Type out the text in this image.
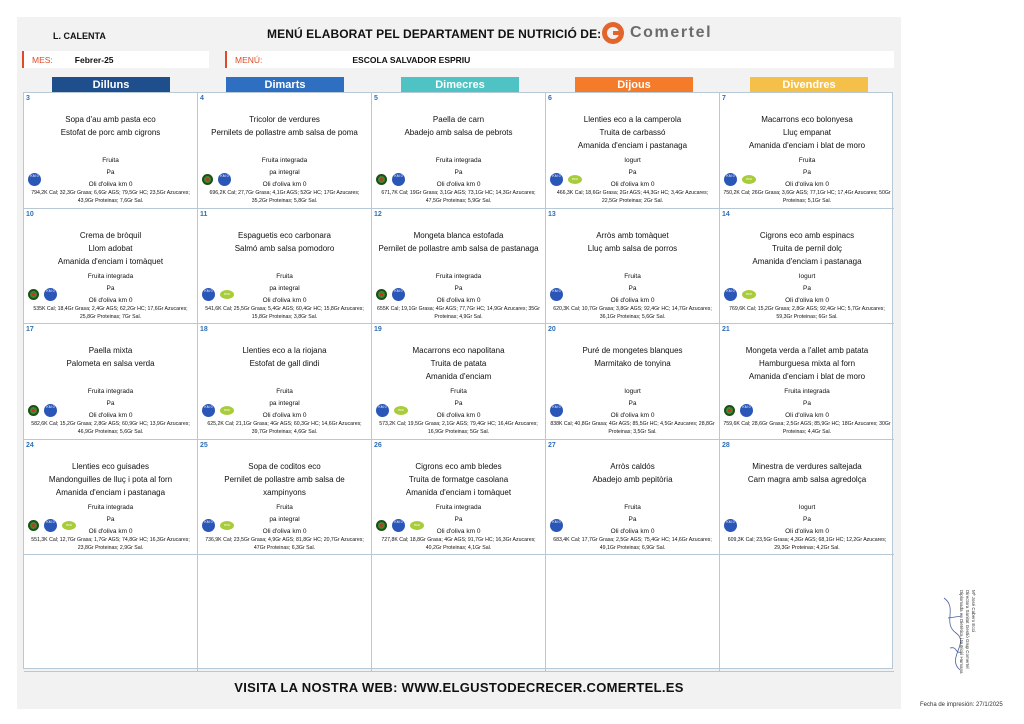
L. CALENTA	MENÚ ELABORAT PEL DEPARTAMENT DE NUTRICIÓ DE: Comertel
MES:	Febrer-25	MENÚ:	ESCOLA SALVADOR ESPRIU
Dilluns	Dimarts	Dimecres	Dijous	Divendres
3
Sopa d'au amb pasta eco
Estofat de porc amb cigrons
Fruita
Pa
Oli d'oliva km 0
KM 0
794,2K Cal; 32,3Gr Grasa; 6,6Gr AGS; 79,5Gr HC; 23,5Gr Azucares; 43,9Gr Proteinas; 7,6Gr Sal.
4
Tricolor de verdures
Pernilets de pollastre amb salsa de poma
Fruita integrada
pa integral
Oli d'oliva km 0
KM 0
696,2K Cal; 27,7Gr Grasa; 4,1Gr AGS; 52Gr HC; 17Gr Azucares; 35,2Gr Proteinas; 5,8Gr Sal.
5
Paella de carn
Abadejo amb salsa de pebrots
Fruita integrada
Pa
Oli d'oliva km 0
KM 0
671,7K Cal; 19Gr Grasa; 3,1Gr AGS; 73,1Gr HC; 14,3Gr Azucares; 47,5Gr Proteinas; 5,9Gr Sal.
6
Llenties eco a la camperola
Truita de carbassó
Amanida d'enciam i pastanaga
Iogurt
Pa
Oli d'oliva km 0
KM 0
eco
466,3K Cal; 18,6Gr Grasa; 2Gr AGS; 44,3Gr HC; 3,4Gr Azucares; 22,5Gr Proteinas; 2Gr Sal.
7
Macarrons eco bolonyesa
Lluç empanat
Amanida d'enciam i blat de moro
Fruita
Pa
Oli d'oliva km 0
KM 0
eco
750,2K Cal; 26Gr Grasa; 3,6Gr AGS; 77,1Gr HC; 17,4Gr Azucares; 50Gr Proteinas; 5,1Gr Sal.
10
Crema de bròquil
Llom adobat
Amanida d'enciam i tomàquet
Fruita integrada
Pa
Oli d'oliva km 0
KM 0
535K Cal; 18,4Gr Grasa; 2,4Gr AGS; 62,2Gr HC; 17,6Gr Azucares; 25,8Gr Proteinas; 7Gr Sal.
11
Espaguetis eco carbonara
Salmó amb salsa pomodoro
Fruita
pa integral
Oli d'oliva km 0
KM 0
eco
541,6K Cal; 25,5Gr Grasa; 5,4Gr AGS; 60,4Gr HC; 15,8Gr Azucares; 15,8Gr Proteinas; 3,8Gr Sal.
12
Mongeta blanca estofada
Pernilet de pollastre amb salsa de pastanaga
Fruita integrada
Pa
Oli d'oliva km 0
KM 0
655K Cal; 19,1Gr Grasa; 4Gr AGS; 77,7Gr HC; 14,9Gr Azucares; 35Gr Proteinas; 4,9Gr Sal.
13
Arròs amb tomàquet
Lluç amb salsa de porros
Fruita
Pa
Oli d'oliva km 0
KM 0
620,3K Cal; 10,7Gr Grasa; 3,8Gr AGS; 92,4Gr HC; 14,7Gr Azucares; 36,1Gr Proteinas; 5,6Gr Sal.
14
Cigrons eco amb espinacs
Truita de pernil dolç
Amanida d'enciam i pastanaga
Iogurt
Pa
Oli d'oliva km 0
KM 0
eco
769,6K Cal; 15,2Gr Grasa; 2,8Gr AGS; 92,4Gr HC; 5,7Gr Azucares; 59,3Gr Proteinas; 6Gr Sal.
17
Paella mixta
Palometa en salsa verda
Fruita integrada
Pa
Oli d'oliva km 0
KM 0
582,6K Cal; 15,2Gr Grasa; 2,8Gr AGS; 60,9Gr HC; 13,9Gr Azucares; 46,9Gr Proteinas; 5,6Gr Sal.
18
Llenties eco a la riojana
Estofat de gall dindi
Fruita
pa integral
Oli d'oliva km 0
KM 0
eco
625,2K Cal; 21,1Gr Grasa; 4Gr AGS; 60,3Gr HC; 14,6Gr Azucares; 39,7Gr Proteinas; 4,6Gr Sal.
19
Macarrons eco napolitana
Truita de patata
Amanida d'enciam
Fruita
Pa
Oli d'oliva km 0
KM 0
eco
573,2K Cal; 19,5Gr Grasa; 2,1Gr AGS; 79,4Gr HC; 16,4Gr Azucares; 16,9Gr Proteinas; 5Gr Sal.
20
Puré de mongetes blanques
Marmitako de tonyina
Iogurt
Pa
Oli d'oliva km 0
KM 0
838K Cal; 40,8Gr Grasa; 4Gr AGS; 85,5Gr HC; 4,5Gr Azucares; 28,8Gr Proteinas; 3,5Gr Sal.
21
Mongeta verda a l'allet amb patata
Hamburguesa mixta al forn
Amanida d'enciam i blat de moro
Fruita integrada
Pa
Oli d'oliva km 0
KM 0
759,6K Cal; 28,6Gr Grasa; 2,5Gr AGS; 85,9Gr HC; 18Gr Azucares; 30Gr Proteinas; 4,4Gr Sal.
24
Llenties eco guisades
Mandonguilles de lluç i pota al forn
Amanida d'enciam i pastanaga
Fruita integrada
Pa
Oli d'oliva km 0
KM 0
eco
551,3K Cal; 12,7Gr Grasa; 1,7Gr AGS; 74,8Gr HC; 16,3Gr Azucares; 23,8Gr Proteinas; 2,9Gr Sal.
25
Sopa de coditos eco
Pernilet de pollastre amb salsa de xampinyons
Fruita
pa integral
Oli d'oliva km 0
KM 0
eco
736,9K Cal; 23,5Gr Grasa; 4,9Gr AGS; 81,8Gr HC; 20,7Gr Azucares; 47Gr Proteinas; 6,3Gr Sal.
26
Cigrons eco amb bledes
Truita de formatge casolana
Amanida d'enciam i tomàquet
Fruita integrada
Pa
Oli d'oliva km 0
KM 0
eco
727,8K Cal; 18,8Gr Grasa; 4Gr AGS; 91,7Gr HC; 16,3Gr Azucares; 40,2Gr Proteinas; 4,1Gr Sal.
27
Arròs caldós
Abadejo amb pepitòria
Fruita
Pa
Oli d'oliva km 0
KM 0
683,4K Cal; 17,7Gr Grasa; 2,5Gr AGS; 75,4Gr HC; 14,6Gr Azucares; 49,1Gr Proteinas; 6,9Gr Sal.
28
Minestra de verdures saltejada
Carn magra amb salsa agredolça
Iogurt
Pa
Oli d'oliva km 0
KM 0
609,3K Cal; 23,5Gr Grasa; 4,3Gr AGS; 68,1Gr HC; 12,2Gr Azucares; 29,3Gr Proteinas; 4,2Gr Sal.
VISITA LA NOSTRA WEB: WWW.ELGUSTODECRECER.COMERTEL.ES
Mª José Cabero Ecci
Directora Sanitat Gestió Grup Comertel
Diplomada en Dietètica i Nutrició Humana
Fecha de impresión: 27/1/2025
